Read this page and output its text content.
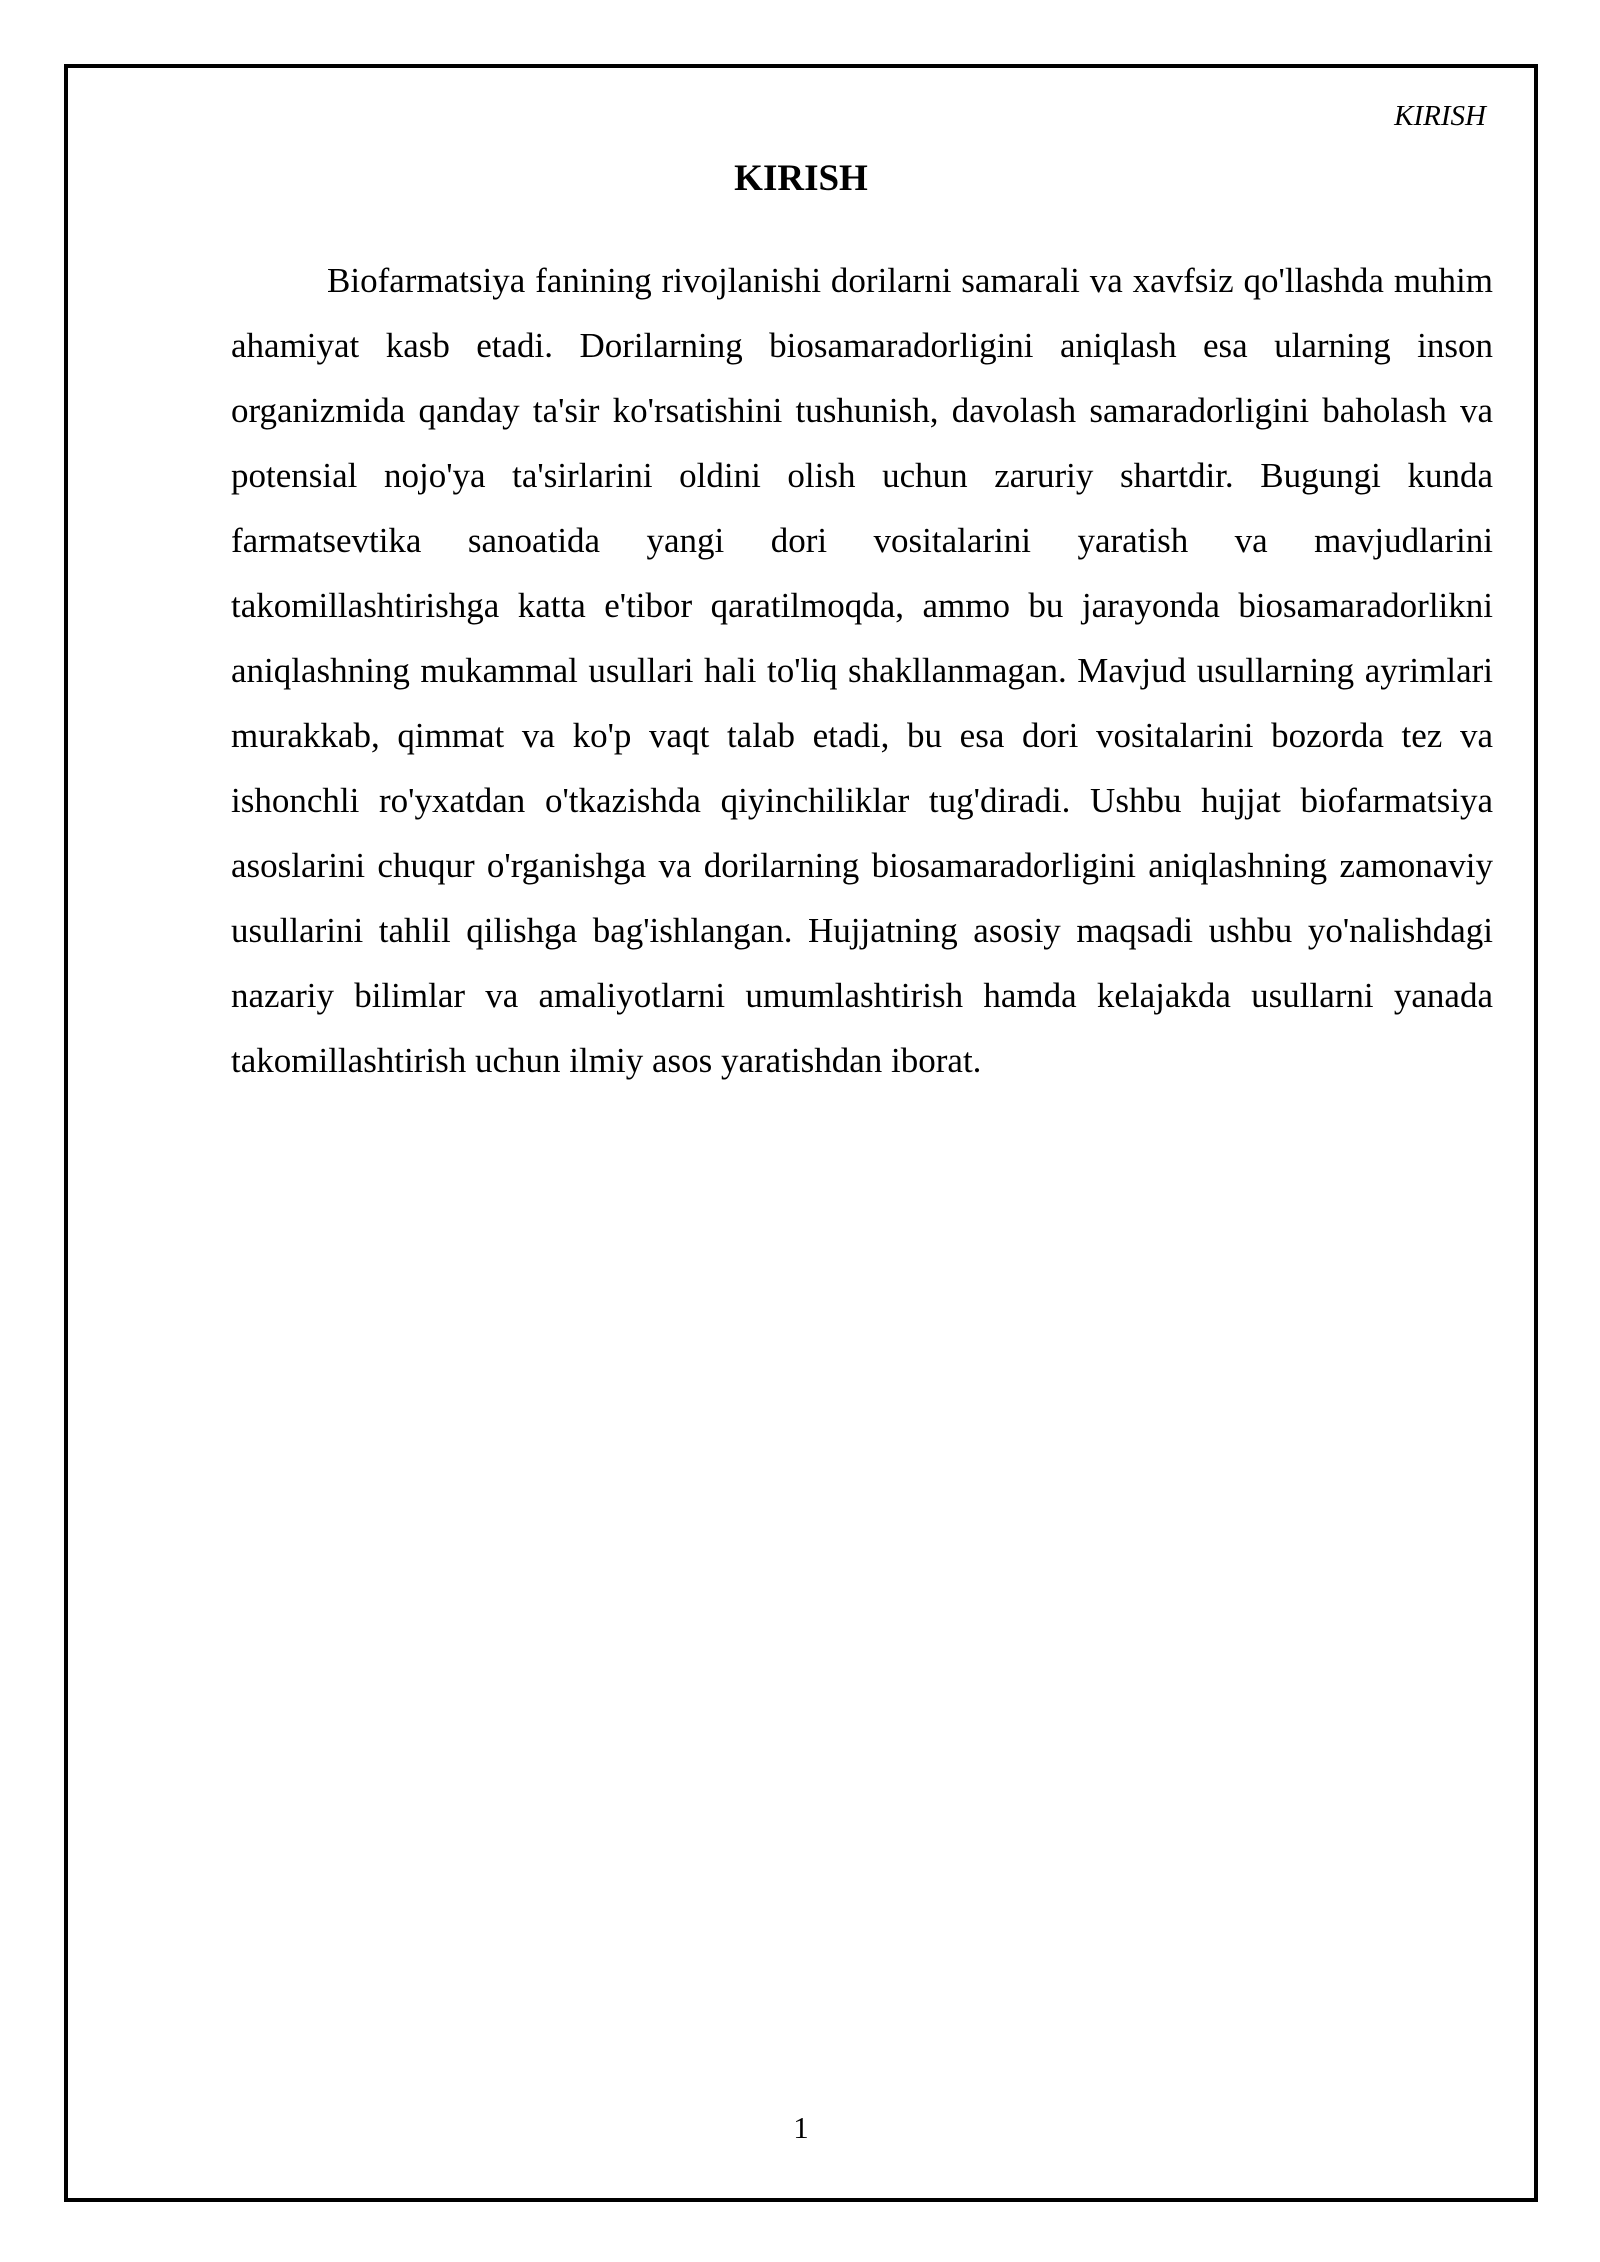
KIRISH
KIRISH

Biofarmatsiya fanining rivojlanishi dorilarni samarali va xavfsiz qo'llashda muhim ahamiyat kasb etadi. Dorilarning biosamaradorligini aniqlash esa ularning inson organizmida qanday ta'sir ko'rsatishini tushunish, davolash samaradorligini baholash va potensial nojo'ya ta'sirlarini oldini olish uchun zaruriy shartdir. Bugungi kunda farmatsevtika sanoatida yangi dori vositalarini yaratish va mavjudlarini takomillashtirishga katta e'tibor qaratilmoqda, ammo bu jarayonda biosamaradorlikni aniqlashning mukammal usullari hali to'liq shakllanmagan. Mavjud usullarning ayrimlari murakkab, qimmat va ko'p vaqt talab etadi, bu esa dori vositalarini bozorda tez va ishonchli ro'yxatdan o'tkazishda qiyinchiliklar tug'diradi. Ushbu hujjat biofarmatsiya asoslarini chuqur o'rganishga va dorilarning biosamaradorligini aniqlashning zamonaviy usullarini tahlil qilishga bag'ishlangan. Hujjatning asosiy maqsadi ushbu yo'nalishdagi nazariy bilimlar va amaliyotlarni umumlashtirish hamda kelajakda usullarni yanada takomillashtirish uchun ilmiy asos yaratishdan iborat.

1
